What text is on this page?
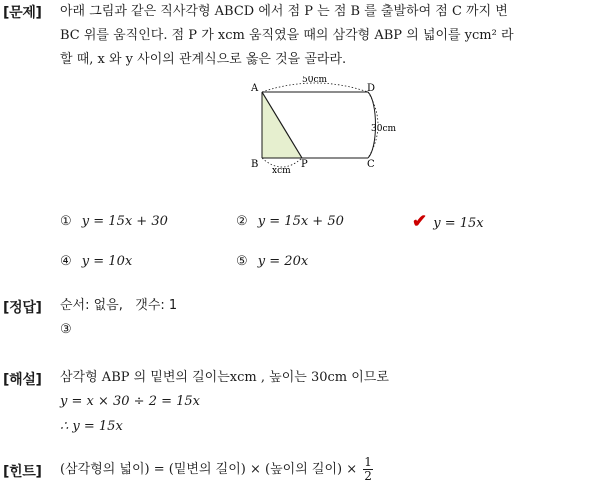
[문제] 아래 그림과 같은 직사각형 ABCD 에서 점 P 는 점 B 를 출발하여 점 C 까지 변
BC 위를 움직인다. 점 P 가 xcm 움직였을 때의 삼각형 ABP 의 넓이를 ycm² 라
할 때, x 와 y 사이의 관계식으로 옳은 것을 골라라.
A	D
B	P	C
50cm
30cm
xcm
① y = 15x + 30	② y = 15x + 50	✔ y = 15x
④ y = 10x	⑤ y = 20x
[정답] 순서: 없음,   갯수: 1
③
[해설] 삼각형 ABP 의 밑변의 길이는xcm , 높이는 30cm 이므로
y = x × 30 ÷ 2 = 15x
∴ y = 15x
[힌트] (삼각형의 넓이) = (밑변의 길이) × (높이의 길이) × $\frac{1}{2}$
